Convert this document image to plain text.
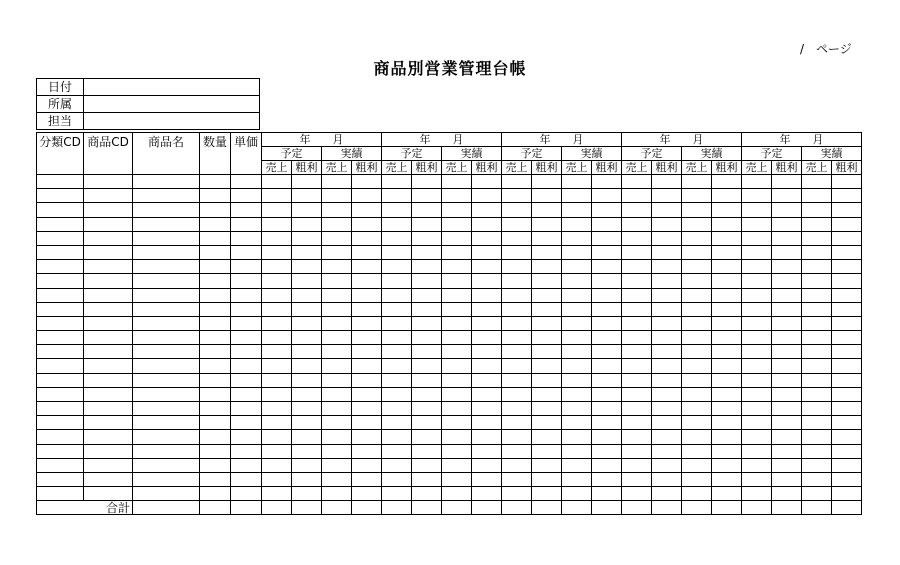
/　ページ
商品別営業管理台帳
日付	
所属	
担当	
分類CD	商品CD	商品名	数量	単価	年　　月				年　　月				年　　月				年　　月				年　　月			
					予定		実績		予定		実績		予定		実績		予定		実績		予定		実績	
					売上	粗利	売上	粗利	売上	粗利	売上	粗利	売上	粗利	売上	粗利	売上	粗利	売上	粗利	売上	粗利	売上	粗利

合計																								
